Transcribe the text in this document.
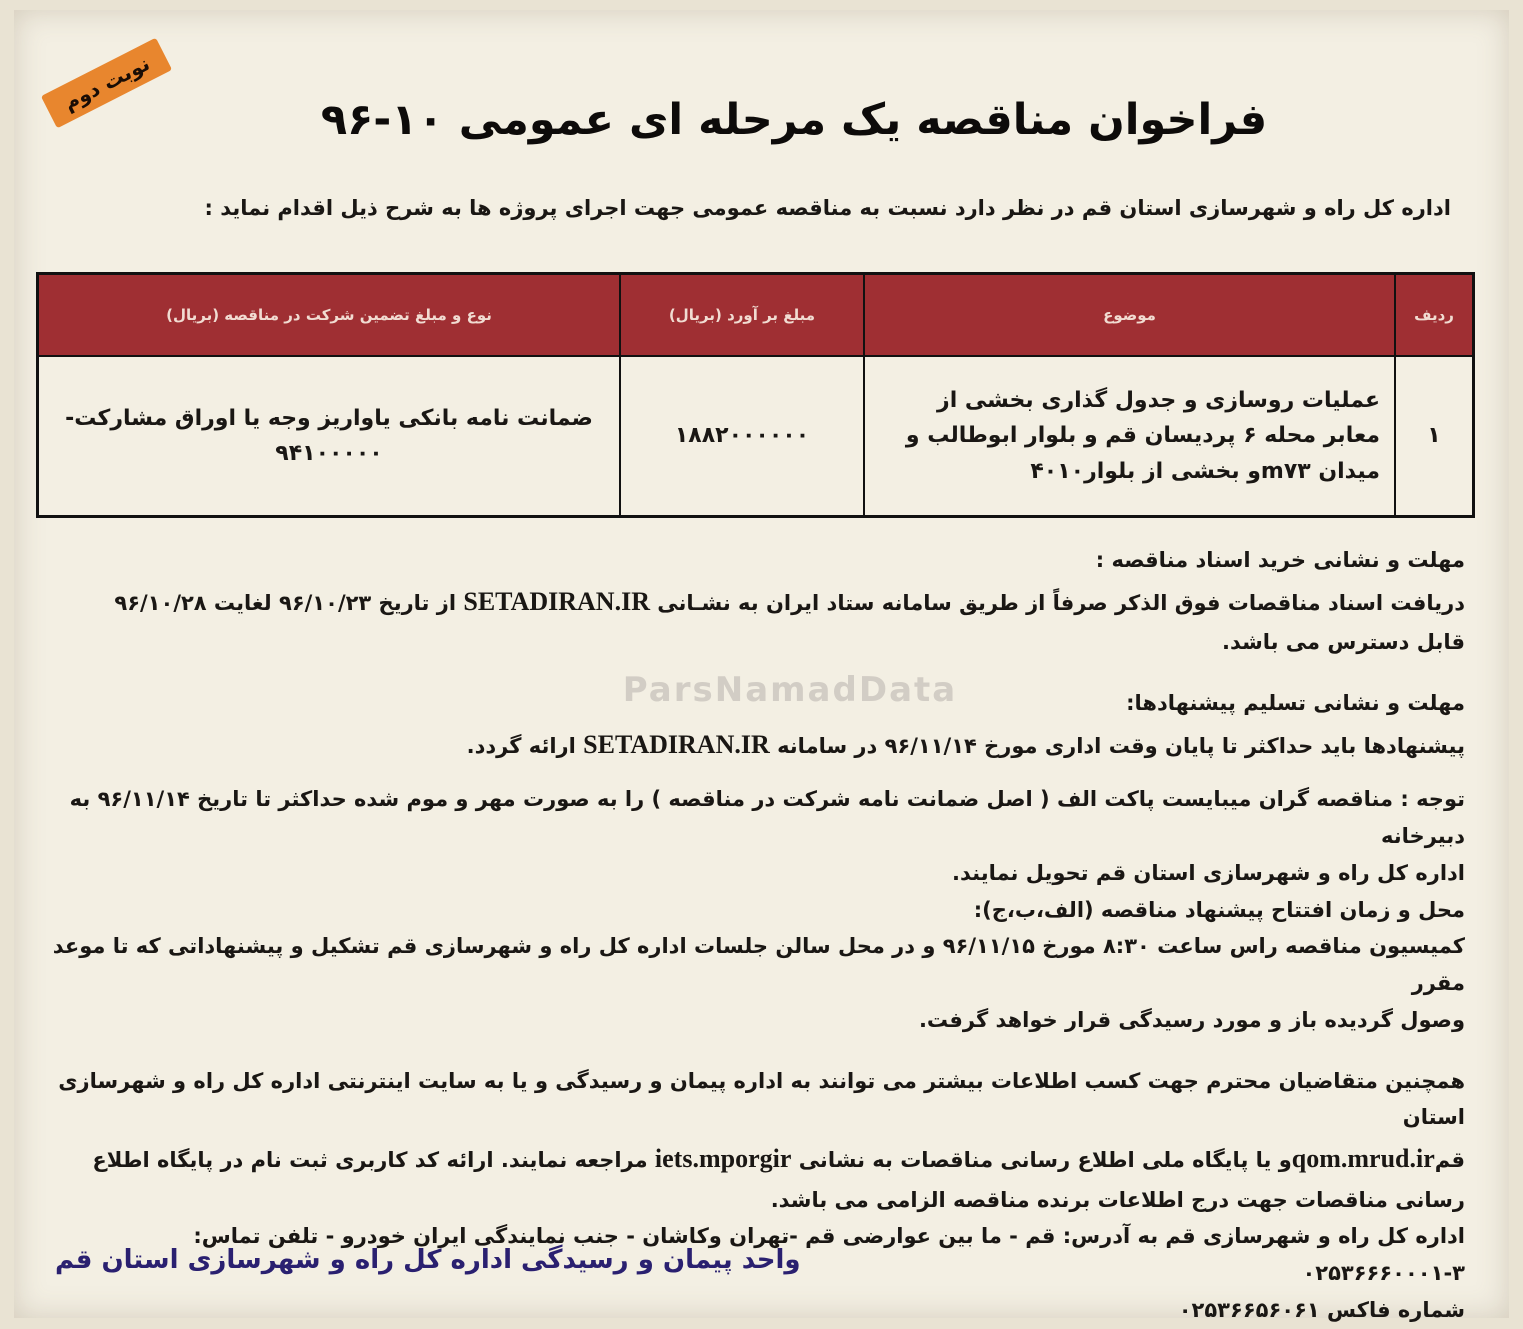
نوبت دوم
فراخوان مناقصه یک مرحله ای عمومی ۱۰-۹۶
اداره کل راه و شهرسازی استان قم در نظر دارد نسبت به مناقصه عمومی جهت اجرای پروژه ها به شرح ذیل اقدام نماید :
ردیف	موضوع	مبلغ بر آورد (بریال)	نوع و مبلغ تضمین شرکت در مناقصه (بریال)
۱	عملیات روسازی و جدول گذاری بخشی از معابر محله ۶ پردیسان قم و بلوار ابوطالب و میدان m۷۳و بخشی از بلوار۴۰۱۰	۱۸۸۲۰۰۰۰۰۰	ضمانت نامه بانکی یاواریز وجه یا اوراق مشارکت- ۹۴۱۰۰۰۰۰
ParsNamadData

مهلت و نشانی خرید اسناد مناقصه :

دریافت اسناد مناقصات فوق الذکر صرفاً از طریق سامانه ستاد ایران به نشـانی SETADIRAN.IR از تاریخ ۹۶/۱۰/۲۳ لغایت ۹۶/۱۰/۲۸

قابل دسترس می باشد.

مهلت و نشانی تسلیم پیشنهادها:

پیشنهادها باید حداکثر تا پایان وقت اداری مورخ ۹۶/۱۱/۱۴ در سامانه SETADIRAN.IR ارائه گردد.

توجه : مناقصه گران میبایست پاکت الف ( اصل ضمانت نامه شرکت در مناقصه ) را به صورت مهر و موم شده حداکثر تا تاریخ ۹۶/۱۱/۱۴ به دبیرخانه

اداره کل راه و شهرسازی استان قم تحویل نمایند.

محل و زمان افتتاح پیشنهاد مناقصه (الف،ب،ج):

کمیسیون مناقصه راس ساعت ۸:۳۰ مورخ ۹۶/۱۱/۱۵ و در محل سالن جلسات اداره کل راه و شهرسازی قم تشکیل و پیشنهاداتی که تا موعد مقرر

وصول گردیده باز و مورد رسیدگی قرار خواهد گرفت.

همچنین متقاضیان محترم جهت کسب اطلاعات بیشتر می توانند به اداره پیمان و رسیدگی و یا به سایت اینترنتی اداره کل راه و شهرسازی استان

قمqom.mrud.irو یا پایگاه ملی اطلاع رسانی مناقصات به نشانی iets.mporgir مراجعه نمایند. ارائه کد کاربری ثبت نام در پایگاه اطلاع

رسانی مناقصات جهت درج اطلاعات برنده مناقصه الزامی می باشد.

اداره کل راه و شهرسازی قم به آدرس: قم - ما بین عوارضی قم -تهران وکاشان - جنب نمایندگی ایران خودرو - تلفن تماس: ۳-۰۲۵۳۶۶۶۰۰۰۱

شماره فاکس ۰۲۵۳۶۶۵۶۰۶۱

واحد پیمان و رسیدگی اداره کل راه و شهرسازی استان قم
